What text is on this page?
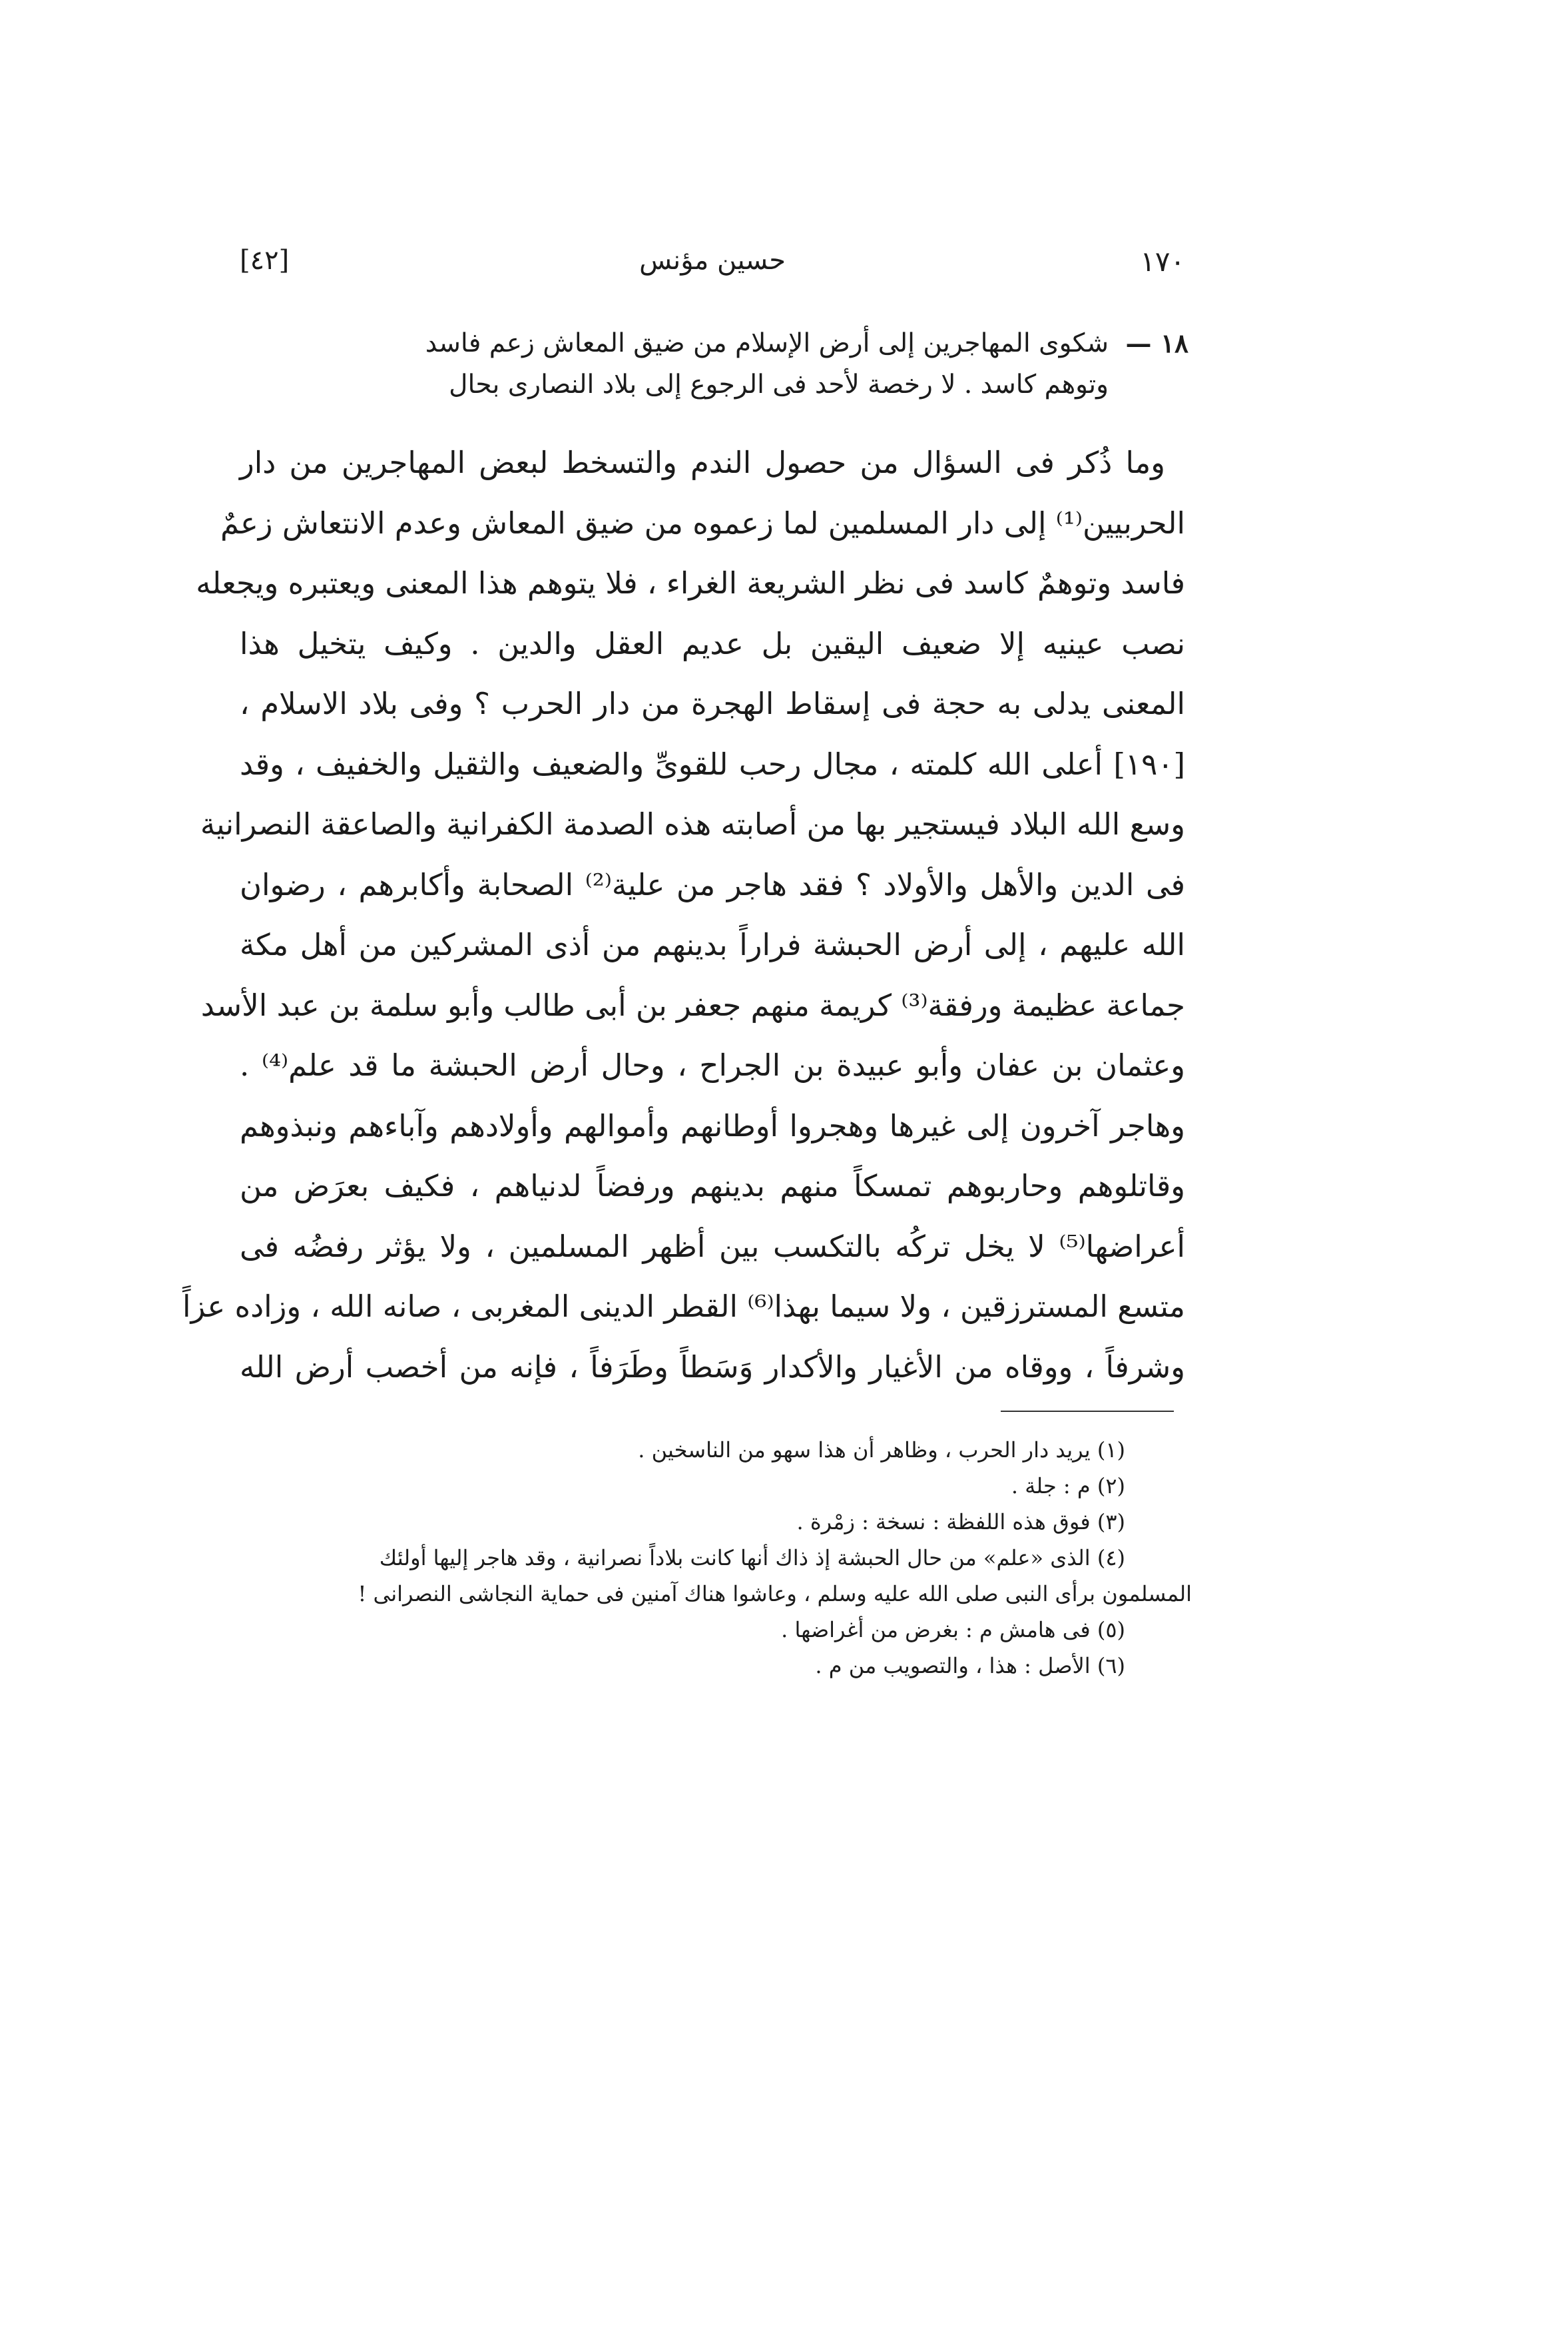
١٧٠
حسين مؤنس
[٤٢]
١٨ —
شكوى المهاجرين إلى أرض الإسلام من ضيق المعاش زعم فاسد
وتوهم كاسد . لا رخصة لأحد فى الرجوع إلى بلاد النصارى بحال
وما ذُكر فى السؤال من حصول الندم والتسخط لبعض المهاجرين من دار
الحربيين⁽¹⁾ إلى دار المسلمين لما زعموه من ضيق المعاش وعدم الانتعاش زعمٌ
فاسد وتوهمٌ كاسد فى نظر الشريعة الغراء ، فلا يتوهم هذا المعنى ويعتبره ويجعله
نصب عينيه إلا ضعيف اليقين بل عديم العقل والدين . وكيف يتخيل هذا
المعنى يدلى به حجة فى إسقاط الهجرة من دار الحرب ؟ وفى بلاد الاسلام ،
[١٩٠] أعلى الله كلمته ، مجال رحب للقوىِّ والضعيف والثقيل والخفيف ، وقد
وسع الله البلاد فيستجير بها من أصابته هذه الصدمة الكفرانية والصاعقة النصرانية
فى الدين والأهل والأولاد ؟ فقد هاجر من علية⁽²⁾ الصحابة وأكابرهم ، رضوان
الله عليهم ، إلى أرض الحبشة فراراً بدينهم من أذى المشركين من أهل مكة
جماعة عظيمة ورفقة⁽³⁾ كريمة منهم جعفر بن أبى طالب وأبو سلمة بن عبد الأسد
وعثمان بن عفان وأبو عبيدة بن الجراح ، وحال أرض الحبشة ما قد علم⁽⁴⁾ .
وهاجر آخرون إلى غيرها وهجروا أوطانهم وأموالهم وأولادهم وآباءهم ونبذوهم
وقاتلوهم وحاربوهم تمسكاً منهم بدينهم ورفضاً لدنياهم ، فكيف بعرَض من
أعراضها⁽⁵⁾ لا يخل تركُه بالتكسب بين أظهر المسلمين ، ولا يؤثر رفضُه فى
متسع المسترزقين ، ولا سيما بهذا⁽⁶⁾ القطر الدينى المغربى ، صانه الله ، وزاده عزاً
وشرفاً ، ووقاه من الأغيار والأكدار وَسَطاً وطَرَفاً ، فإنه من أخصب أرض الله
(١) يريد دار الحرب ، وظاهر أن هذا سهو من الناسخين .
(٢) م : جلة .
(٣) فوق هذه اللفظة : نسخة : زمْرة .
(٤) الذى «علم» من حال الحبشة إذ ذاك أنها كانت بلاداً نصرانية ، وقد هاجر إليها أولئك
المسلمون برأى النبى صلى الله عليه وسلم ، وعاشوا هناك آمنين فى حماية النجاشى النصرانى !
(٥) فى هامش م : بغرض من أغراضها .
(٦) الأصل : هذا ، والتصويب من م .
